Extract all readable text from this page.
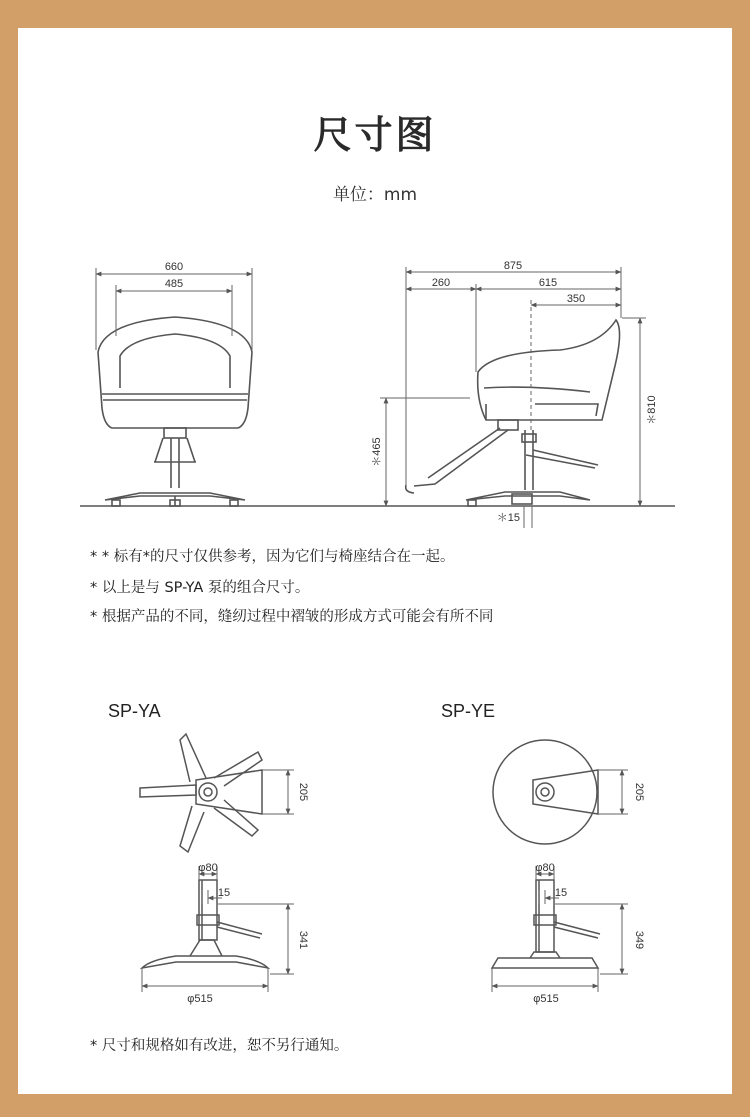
尺寸图
单位：mm
660
485
875
260	615
350
＊810
＊465
＊15
205
φ80
15
341
φ515
205
φ80
15
349
φ515
* * 标有*的尺寸仅供参考，因为它们与椅座结合在一起。
* 以上是与 SP-YA 泵的组合尺寸。
* 根据产品的不同，缝纫过程中褶皱的形成方式可能会有所不同
SP-YA	SP-YE
* 尺寸和规格如有改进，恕不另行通知。
